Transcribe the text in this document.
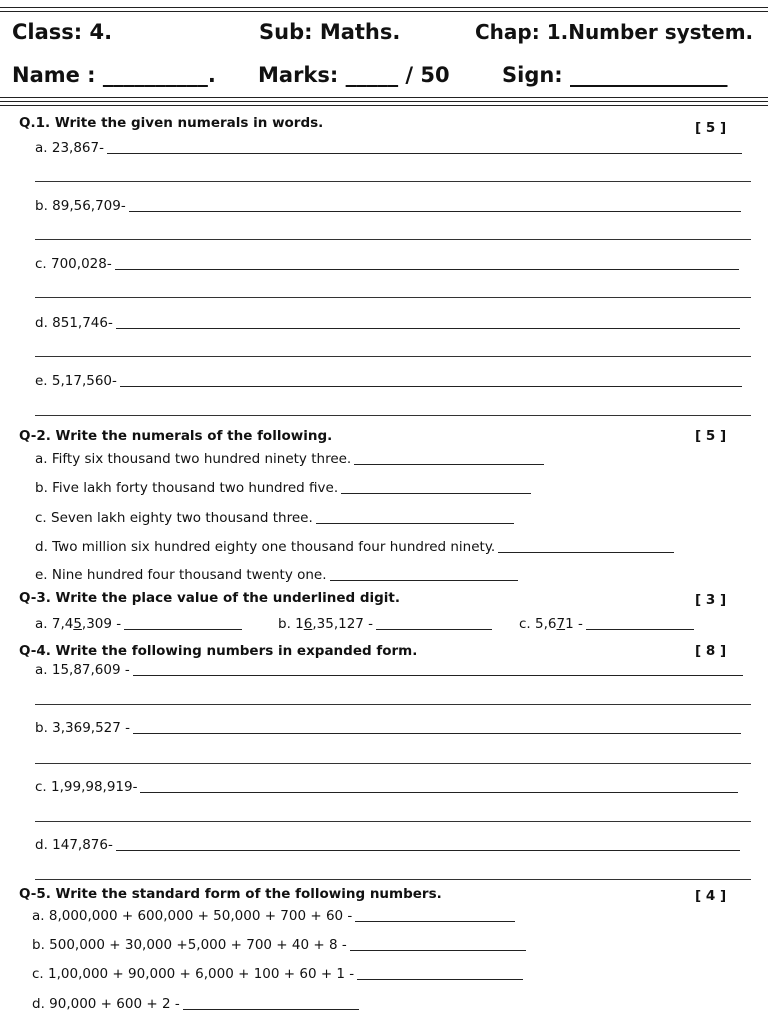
Class: 4.	Sub: Maths.	Chap: 1.Number system.
Name : __________. Marks: _____ / 50 Sign: _______________
Q.1. Write the given numerals in words.	[ 5 ]
a. 23,867-
b. 89,56,709-
c. 700,028-
d. 851,746-
e. 5,17,560-
Q-2. Write the numerals of the following.	[ 5 ]
a. Fifty six thousand two hundred ninety three.
b. Five lakh forty thousand two hundred five.
c. Seven lakh eighty two thousand three.
d. Two million six hundred eighty one thousand four hundred ninety.
e. Nine hundred four thousand twenty one.
Q-3. Write the place value of the underlined digit.	[ 3 ]
a. 7,4 5 ,309 -	b. 1 6 ,35,127 -	c. 5,6 7 1 -
Q-4. Write the following numbers in expanded form.	[ 8 ]
a. 15,87,609 -
b. 3,369,527 -
c. 1,99,98,919-
d. 147,876-
Q-5. Write the standard form of the following numbers.	[ 4 ]
a. 8,000,000 + 600,000 + 50,000 + 700 + 60 -
b. 500,000 + 30,000 +5,000 + 700 + 40 + 8 -
c. 1,00,000 + 90,000 + 6,000 + 100 + 60 + 1 -
d. 90,000 + 600 + 2 -
